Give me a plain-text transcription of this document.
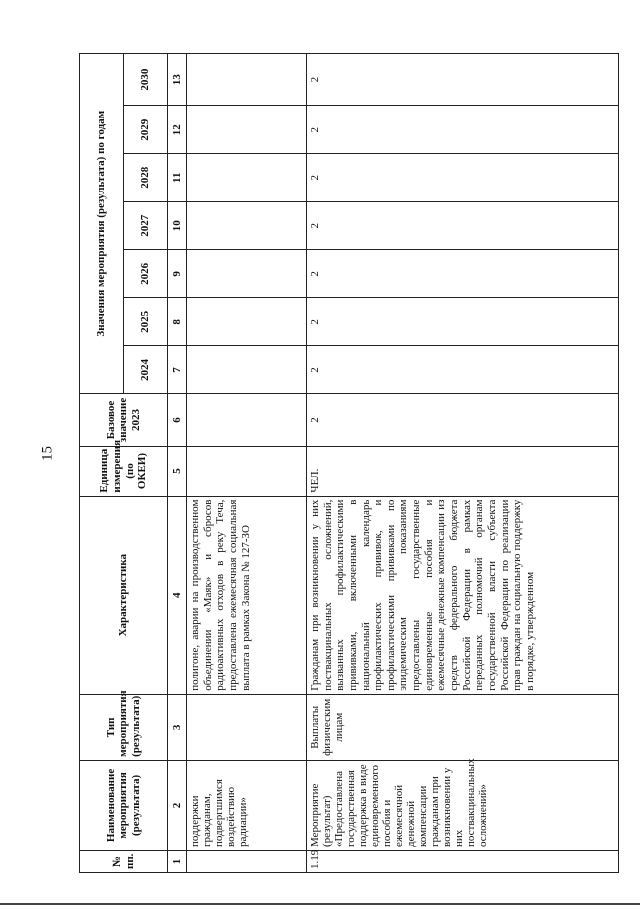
15
№ пп.	Наименование мероприятия (результата)	Тип мероприятия (результата)	Характеристика	Единица измерения (по ОКЕИ)	Базовое значение 2023	Значения мероприятия (результата) по годам						
						2024	2025	2026	2027	2028	2029	2030
1	2	3	4	5	6	7	8	9	10	11	12	13
	поддержки гражданам, подвергшимся воздействию радиации»		полигоне, аварии на производственном объединении «Маяк» и сбросов радиоактивных отходов в реку Теча, предоставлена ежемесячная социальная выплата в рамках Закона № 127-ЗО									
1.19	Мероприятие (результат) «Предоставлена государственная поддержка в виде единовременного пособия и ежемесячной денежной компенсации гражданам при возникновении у них поствакцинальных осложнений»	Выплаты физическим лицам	Гражданам при возникновении у них поствакцинальных осложнений, вызванных профилактическими прививками, включенными в национальный календарь профилактических прививок, и профилактическими прививками по эпидемическим показаниям предоставлены государственные единовременные пособия и ежемесячные денежные компенсации из средств федерального бюджета Российской Федерации в рамках переданных полномочий органам государственной власти субъекта Российской Федерации по реализации прав граждан на социальную поддержку в порядке, утвержденном	ЧЕЛ.	2	2	2	2	2	2	2	2
